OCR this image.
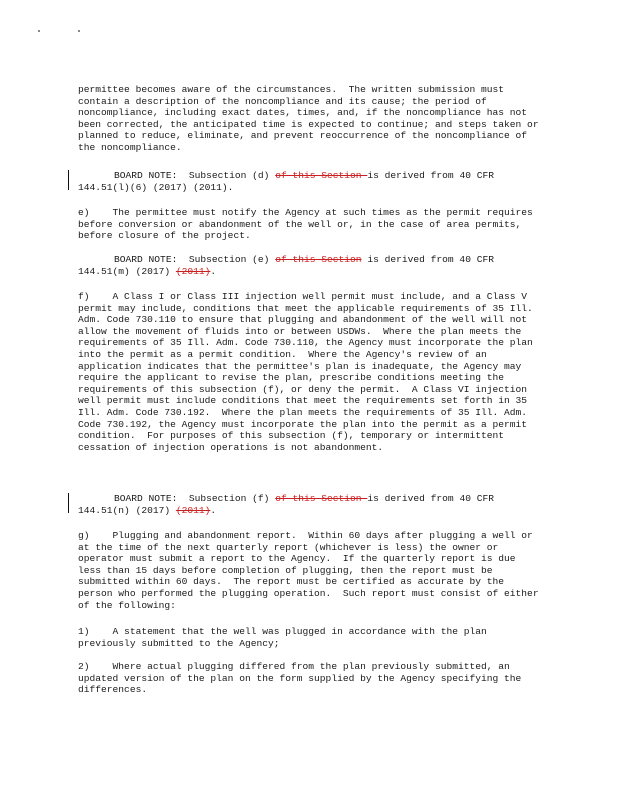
permittee becomes aware of the circumstances.  The written submission must contain a description of the noncompliance and its cause; the period of noncompliance, including exact dates, times, and, if the noncompliance has not been corrected, the anticipated time is expected to continue; and steps taken or planned to reduce, eliminate, and prevent reoccurrence of the noncompliance of the noncompliance.
BOARD NOTE:  Subsection (d) of this Section is derived from 40 CFR 144.51(l)(6) (2017) (2011).
e)    The permittee must notify the Agency at such times as the permit requires before conversion or abandonment of the well or, in the case of area permits, before closure of the project.
BOARD NOTE:  Subsection (e) of this Section is derived from 40 CFR 144.51(m) (2017) (2011).
f)    A Class I or Class III injection well permit must include, and a Class V permit may include, conditions that meet the applicable requirements of 35 Ill. Adm. Code 730.110 to ensure that plugging and abandonment of the well will not allow the movement of fluids into or between USDWs.  Where the plan meets the requirements of 35 Ill. Adm. Code 730.110, the Agency must incorporate the plan into the permit as a permit condition.  Where the Agency's review of an application indicates that the permittee's plan is inadequate, the Agency may require the applicant to revise the plan, prescribe conditions meeting the requirements of this subsection (f), or deny the permit.  A Class VI injection well permit must include conditions that meet the requirements set forth in 35 Ill. Adm. Code 730.192.  Where the plan meets the requirements of 35 Ill. Adm. Code 730.192, the Agency must incorporate the plan into the permit as a permit condition.  For purposes of this subsection (f), temporary or intermittent cessation of injection operations is not abandonment.
BOARD NOTE:  Subsection (f) of this Section is derived from 40 CFR 144.51(n) (2017) (2011).
g)    Plugging and abandonment report.  Within 60 days after plugging a well or at the time of the next quarterly report (whichever is less) the owner or operator must submit a report to the Agency.  If the quarterly report is due less than 15 days before completion of plugging, then the report must be submitted within 60 days.  The report must be certified as accurate by the person who performed the plugging operation.  Such report must consist of either of the following:
1)    A statement that the well was plugged in accordance with the plan previously submitted to the Agency;
2)    Where actual plugging differed from the plan previously submitted, an updated version of the plan on the form supplied by the Agency specifying the differences.
